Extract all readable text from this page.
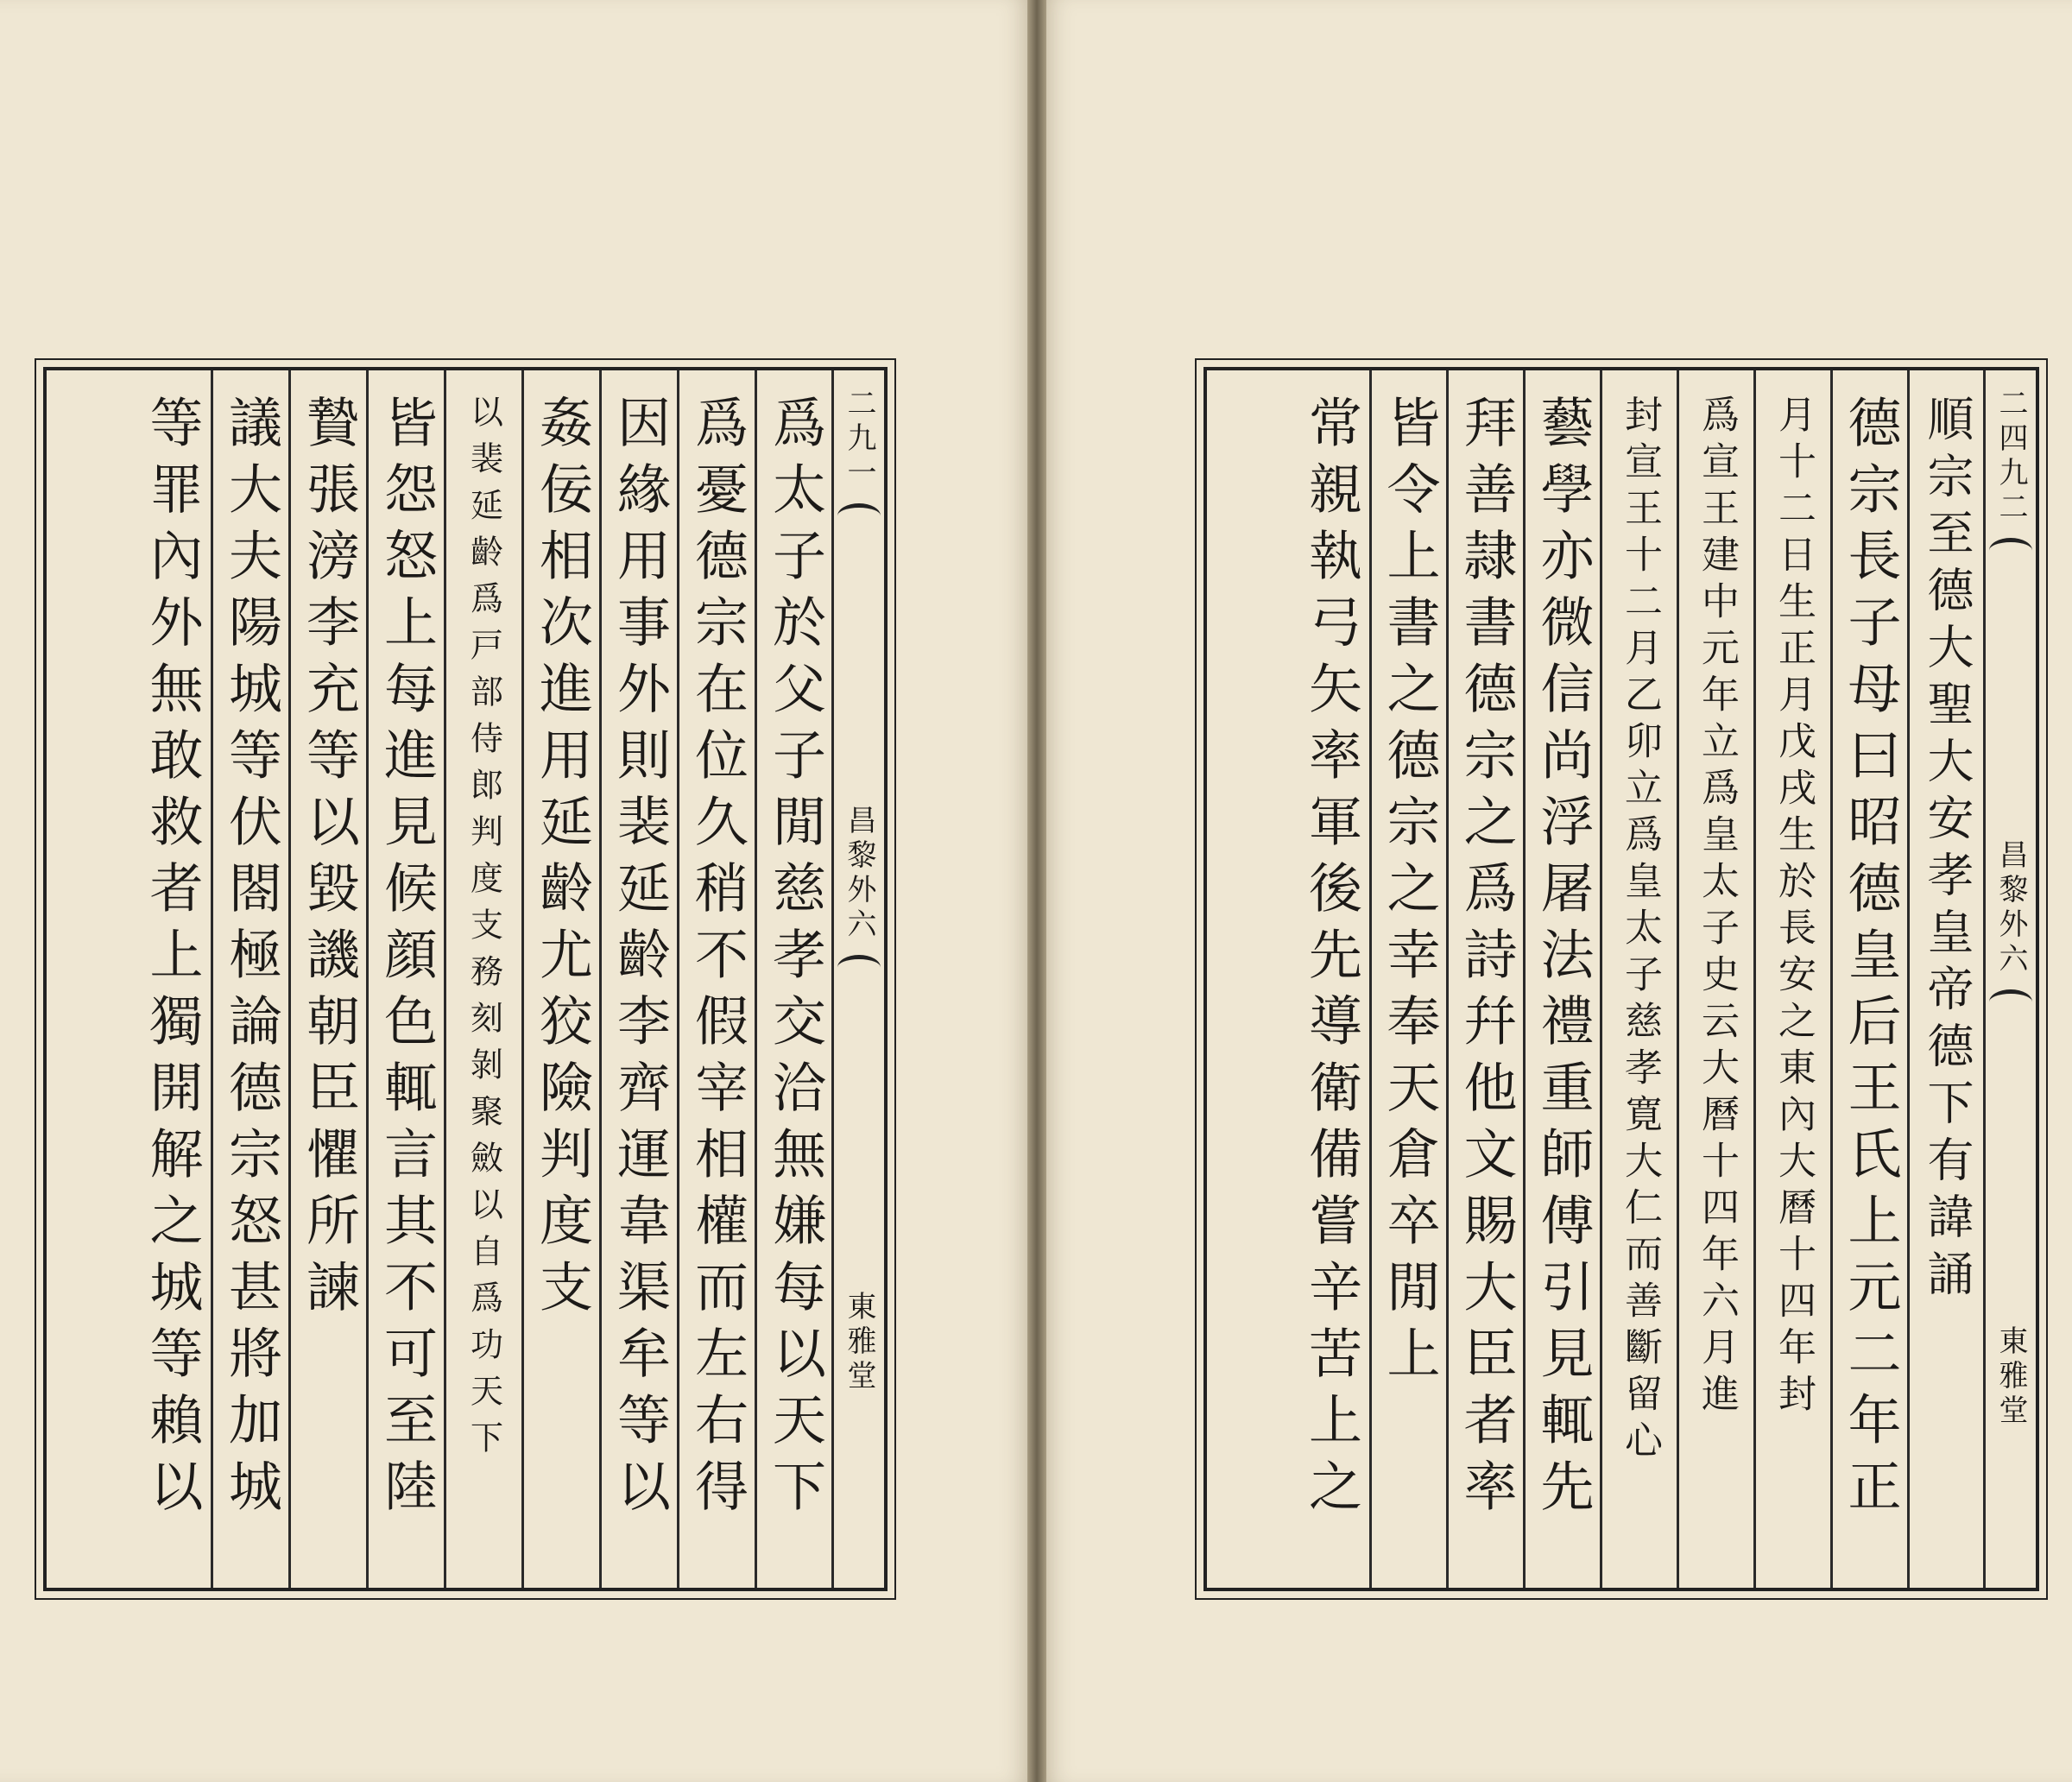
二九一
昌黎外六
東雅堂
爲太子於父子閒慈孝交洽無嫌每以天下
爲憂德宗在位久稍不假宰相權而左右得
因緣用事外則裴延齡李齊運韋渠牟等以
姦佞相次進用延齡尤狡險判度支
以裴延齡爲戸部侍郎判度支務刻剝聚斂以自爲功天下
皆怨怒上每進見候顔色輒言其不可至陸
贄張滂李充等以毀譏朝臣懼所諫
議大夫陽城等伏閤極論德宗怒甚將加城
等罪內外無敢救者上獨開解之城等賴以	二四九二
昌黎外六
東雅堂
順宗至德大聖大安孝皇帝德下有諱誦
德宗長子母曰昭德皇后王氏上元二年正
月十二日生正月戊戌生於長安之東內大曆十四年封
爲宣王建中元年立爲皇太子史云大曆十四年六月進
封宣王十二月乙卯立爲皇太子慈孝寛大仁而善斷留心
藝學亦微信尚浮屠法禮重師傅引見輒先
拜善隷書德宗之爲詩幷他文賜大臣者率
皆令上書之德宗之幸奉天倉卒閒上
常親執弓矢率軍後先導衛備嘗辛苦上之
